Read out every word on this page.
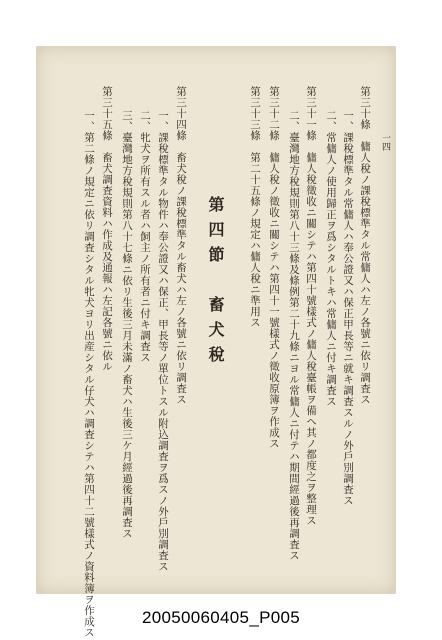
一四
第三十條　傭人稅ノ課稅標準タル常傭人ハ左ノ各號ニ依リ調査ス
一、課稅標準タル常傭人ハ奉公證又ハ保正甲長等ニ就キ調査スルノ外戶別調査ス
二、常傭人ノ使用歸正ヲ爲シタルトキハ常傭人ニ付キ調査ス
第三十一條　傭人稅徵收ニ關シテハ第四十號樣式ノ傭人稅臺帳ヲ備ヘ其ノ都度之ヲ整理ス
二、臺灣地方稅規則第八十三條及條例第二十九條ニヨル常傭人ニ付テハ期間經過後再調査ス
第三十二條　傭人稅ノ徵收ニ關シテハ第四十一號樣式ノ徵收原簿ヲ作成ス
第三十三條　第二十五條ノ規定ハ傭人稅ニ準用ス
第四節　畜犬稅
第三十四條　畜犬稅ノ課稅標準タル畜犬ハ左ノ各號ニ依リ調査ス
一、課稅標準タル物件ハ奉公證又ハ保正、甲長等ノ單位トスル附込調査ヲ爲スノ外戶別調査ス
二、牝犬ヲ所有スル者ハ飼主ノ所有者ニ付キ調査ス
三、臺灣地方稅規則第八十七條ニ依リ生後三月未滿ノ畜犬ハ生後三ケ月經過後再調査ス
第三十五條　畜犬調査資料ハ作成及通報ハ左記各號ニ依ル
一、第二條ノ規定ニ依リ調査シタル牝犬ヨリ出産シタル仔犬ハ調査シテハ第四十二號樣式ノ資料簿ヲ作成ス	20050060405_P005
